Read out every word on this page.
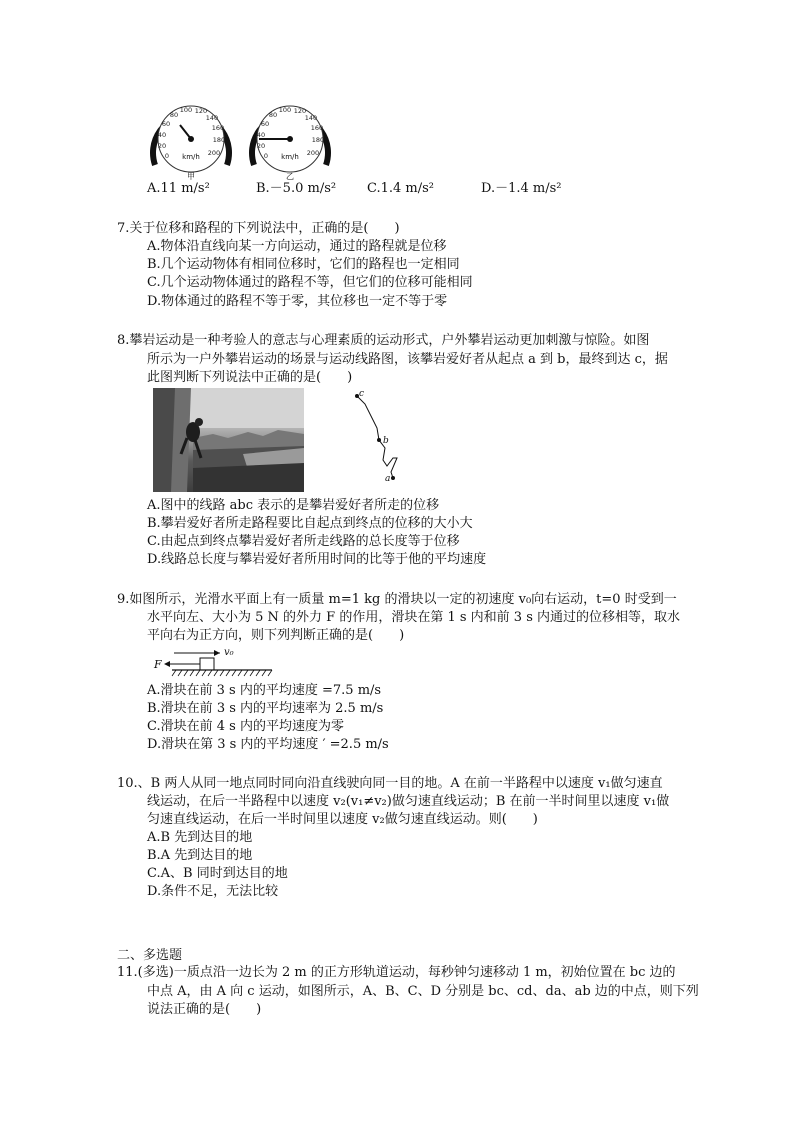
0
20
40
60
80
100 120
140
160
180
200
km/h
甲
0
20
40
60
80
100 120
140
160
180
200
km/h
乙
A.11 m/s²	B.－5.0 m/s² C.1.4 m/s²	D.－1.4 m/s²
7.关于位移和路程的下列说法中，正确的是(　　)
A.物体沿直线向某一方向运动，通过的路程就是位移
B.几个运动物体有相同位移时，它们的路程也一定相同
C.几个运动物体通过的路程不等，但它们的位移可能相同
D.物体通过的路程不等于零，其位移也一定不等于零
8.攀岩运动是一种考验人的意志与心理素质的运动形式，户外攀岩运动更加刺激与惊险。如图
所示为一户外攀岩运动的场景与运动线路图，该攀岩爱好者从起点 a 到 b，最终到达 c，据
此图判断下列说法中正确的是(　　)
c
b
a
A.图中的线路 abc 表示的是攀岩爱好者所走的位移
B.攀岩爱好者所走路程要比自起点到终点的位移的大小大
C.由起点到终点攀岩爱好者所走线路的总长度等于位移
D.线路总长度与攀岩爱好者所用时间的比等于他的平均速度
9.如图所示，光滑水平面上有一质量 m=1 kg 的滑块以一定的初速度 v₀向右运动，t=0 时受到一
水平向左、大小为 5 N 的外力 F 的作用，滑块在第 1 s 内和前 3 s 内通过的位移相等，取水
平向右为正方向，则下列判断正确的是(　　)
v₀
F
A.滑块在前 3 s 内的平均速度 =7.5 m/s
B.滑块在前 3 s 内的平均速率为 2.5 m/s
C.滑块在前 4 s 内的平均速度为零
D.滑块在第 3 s 内的平均速度 ′ =2.5 m/s
10.、B 两人从同一地点同时同向沿直线驶向同一目的地。A 在前一半路程中以速度 v₁做匀速直
线运动，在后一半路程中以速度 v₂(v₁≠v₂)做匀速直线运动；B 在前一半时间里以速度 v₁做
匀速直线运动，在后一半时间里以速度 v₂做匀速直线运动。则(　　)
A.B 先到达目的地
B.A 先到达目的地
C.A、B 同时到达目的地
D.条件不足，无法比较
二、多选题
11.(多选)一质点沿一边长为 2 m 的正方形轨道运动，每秒钟匀速移动 1 m，初始位置在 bc 边的
中点 A，由 A 向 c 运动，如图所示，A、B、C、D 分别是 bc、cd、da、ab 边的中点，则下列
说法正确的是(　　)
